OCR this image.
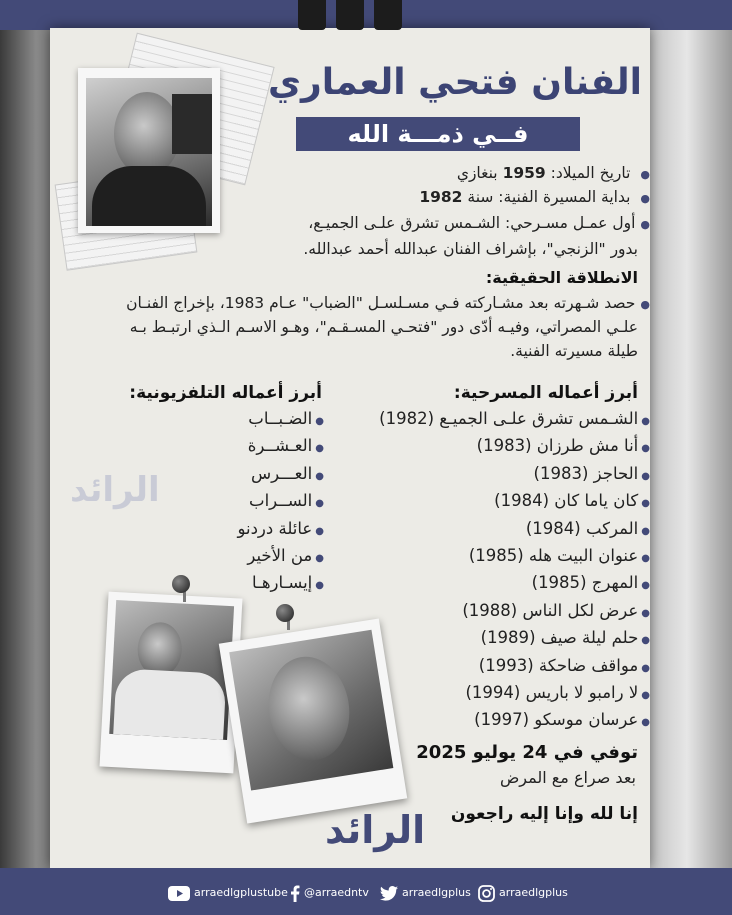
الفنان فتحي العماري
فــي ذمـــة الله
● تاريخ الميلاد: 1959 بنغازي
● بداية المسيرة الفنية: سنة 1982
● أول عمـل مسـرحي: الشـمس تشرق علـى الجميـع،
بدور "الزنجي"، بإشراف الفنان عبدالله أحمد عبدالله.
الانطلاقة الحقيقية:
● حصد شـهرته بعد مشـاركته فـي مسـلسـل "الضباب" عـام 1983، بإخراج الفنـان
علـي المصراتي، وفيـه أدّى دور "فتحـي المسـقـم"، وهـو الاسـم الـذي ارتبـط بـه
طيلة مسيرته الفنية.
أبرز أعماله المسرحية:
● الشـمس تشرق علـى الجميـع (1982)
● أنا مش طرزان (1983)
● الحاجز (1983)
● كان ياما كان (1984)
● المركب (1984)
● عنوان البيت هله (1985)
● المهرج (1985)
● عرض لكل الناس (1988)
● حلم ليلة صيف (1989)
● مواقف ضاحكة (1993)
● لا رامبو لا باريس (1994)
● عرسان موسكو (1997)
أبرز أعماله التلفزيونية:
● الضـبــاب
● العـشــرة
● العـــرس
● الســراب
● عائلة دردنو
● من الأخير
● إيسـارهـا
الرائد
توفي في 24 يوليو 2025
بعد صراع مع المرض
إنا لله وإنا إليه راجعون
الرائد
arraedlgplustube	@arraedntv	arraedlgplus	arraedlgplus
